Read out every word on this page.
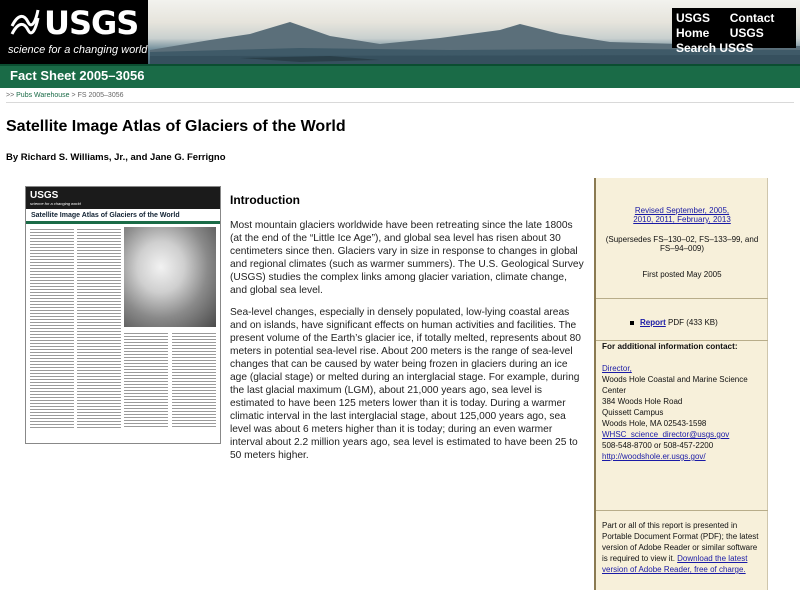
USGS
science for a changing world
USGS Home
Contact USGS
Search USGS
Fact Sheet 2005–3056
>> Pubs Warehouse > FS 2005–3056
Satellite Image Atlas of Glaciers of the World
By Richard S. Williams, Jr., and Jane G. Ferrigno
USGS
science for a changing world
Satellite Image Atlas of Glaciers of the World
Introduction

Most mountain glaciers worldwide have been retreating since the late 1800s (at the end of the “Little Ice Age”), and global sea level has risen about 30 centimeters since then. Glaciers vary in size in response to changes in global and regional climates (such as warmer summers). The U.S. Geological Survey (USGS) studies the complex links among glacier variation, climate change, and global sea level.

Sea-level changes, especially in densely populated, low-lying coastal areas and on islands, have significant effects on human activities and facilities. The present volume of the Earth’s glacier ice, if totally melted, represents about 80 meters in potential sea-level rise. About 200 meters is the range of sea-level changes that can be caused by water being frozen in glaciers during an ice age (glacial stage) or melted during an interglacial stage. For example, during the last glacial maximum (LGM), about 21,000 years ago, sea level is estimated to have been 125 meters lower than it is today. During a warmer climatic interval in the last interglacial stage, about 125,000 years ago, sea level was about 6 meters higher than it is today; during an even warmer interval about 2.2 million years ago, sea level is estimated to have been 25 to 50 meters higher.

Revised September, 2005,
2010, 2011, February, 2013
(Supersedes FS–130–02, FS–133–99, and FS–94–009)
First posted May 2005
Report PDF (433 KB)
For additional information contact:
Director,
Woods Hole Coastal and Marine Science Center
384 Woods Hole Road
Quissett Campus
Woods Hole, MA 02543-1598
WHSC_science_director@usgs.gov
508-548-8700 or 508-457-2200
http://woodshole.er.usgs.gov/
Part or all of this report is presented in Portable Document Format (PDF); the latest version of Adobe Reader or similar software is required to view it. Download the latest version of Adobe Reader, free of charge.
